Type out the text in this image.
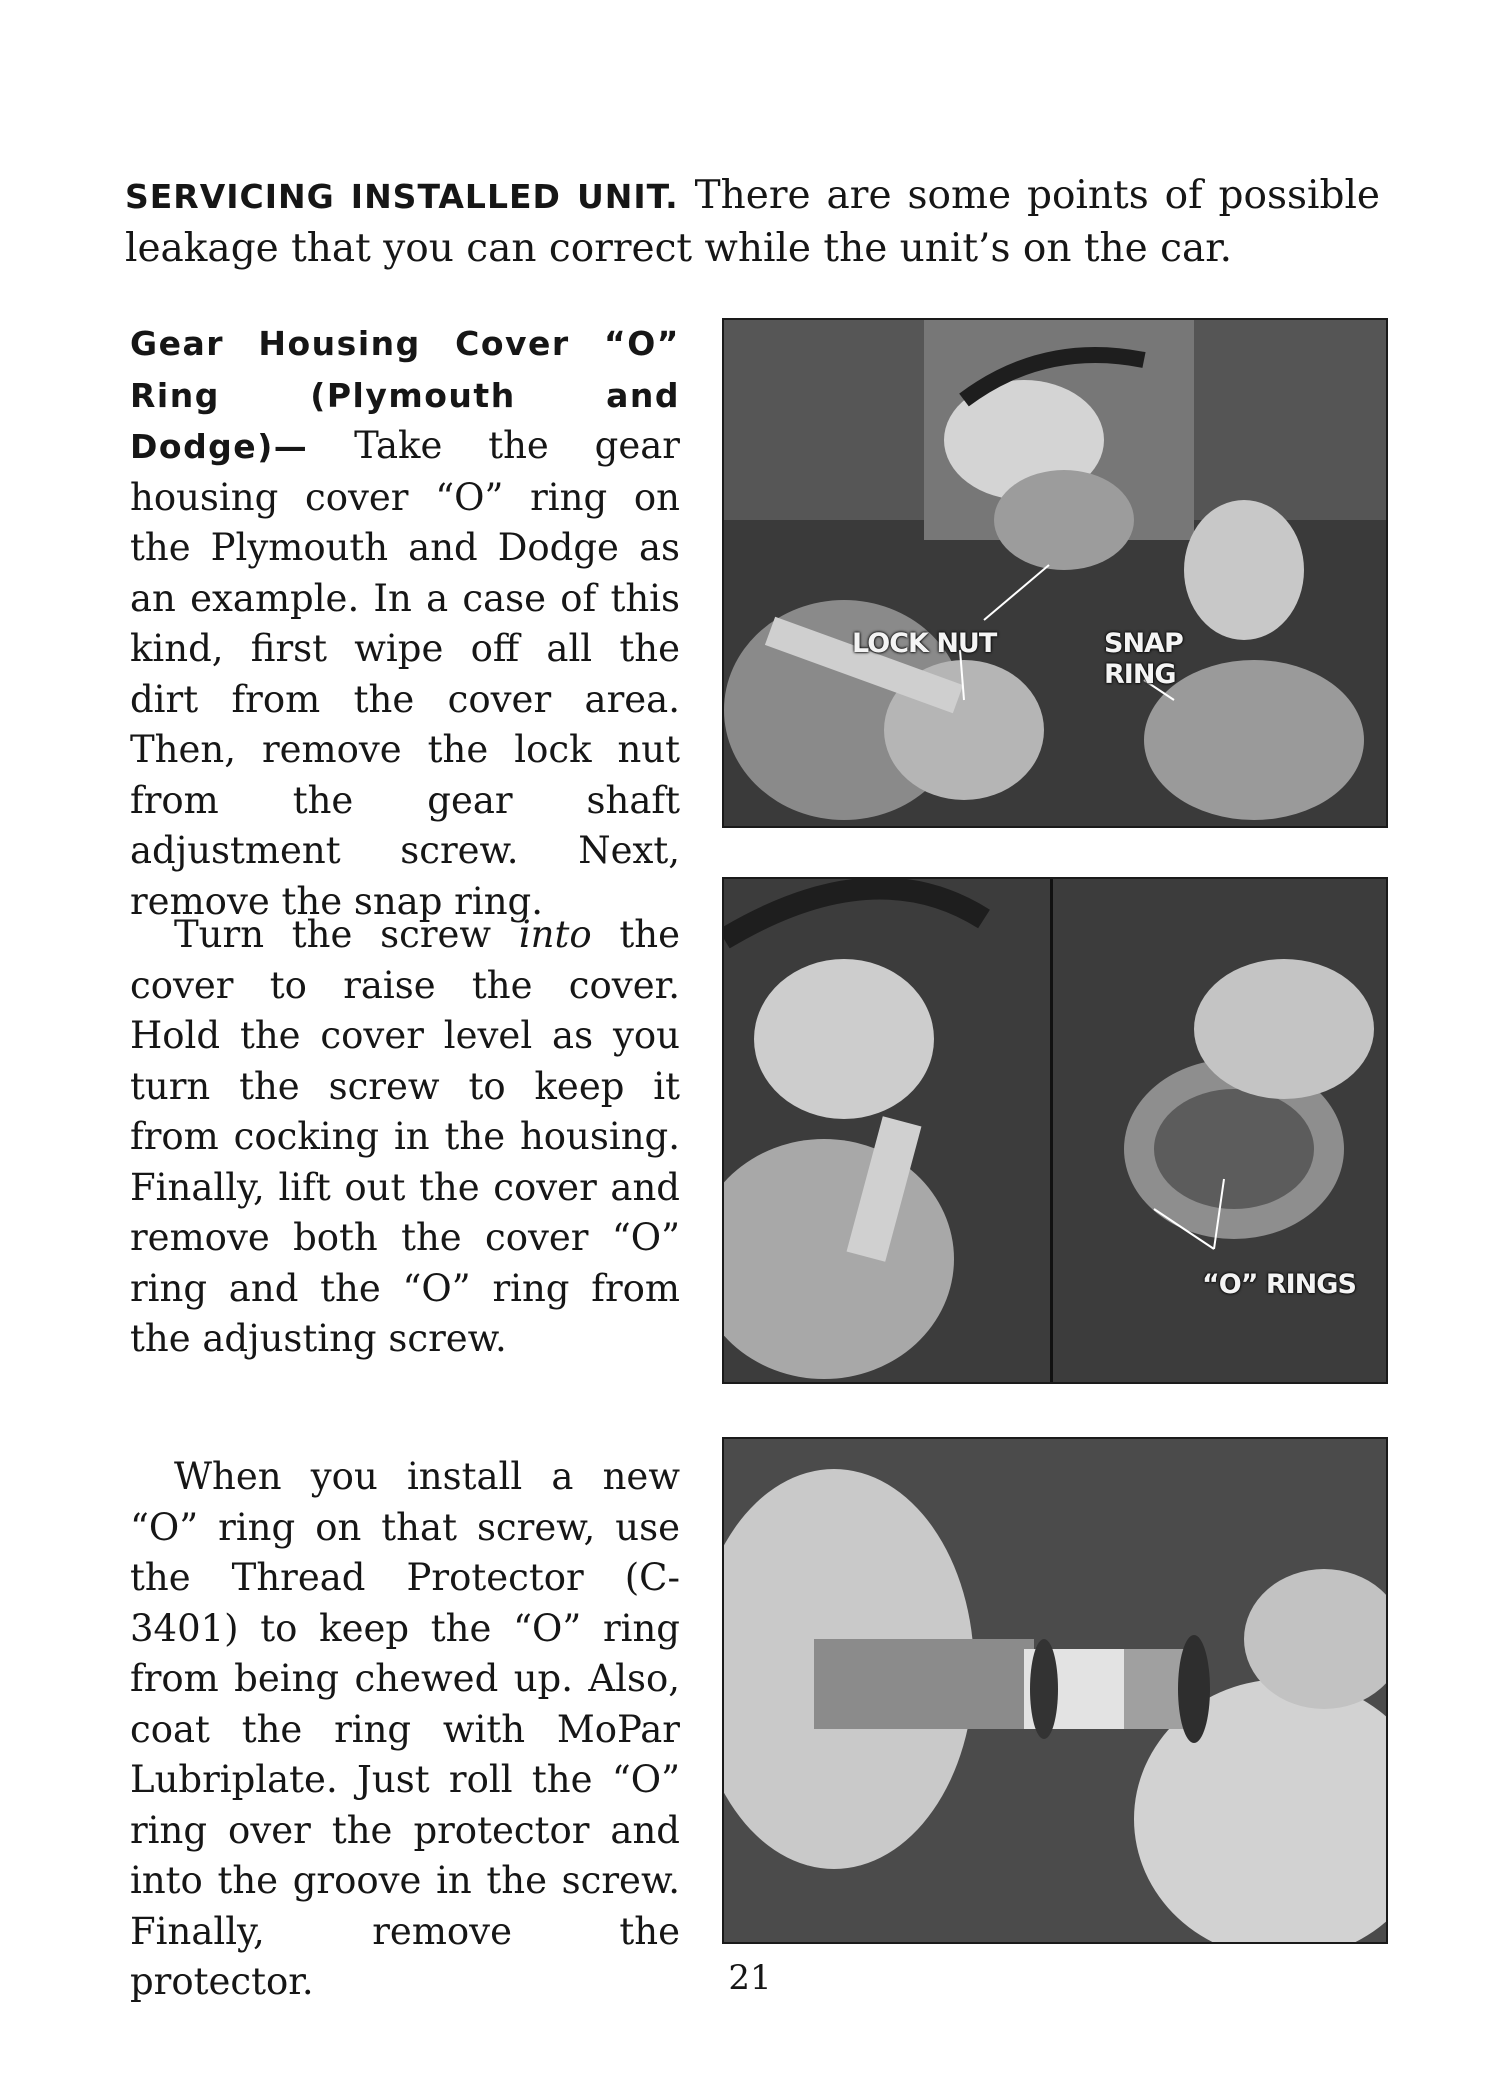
SERVICING INSTALLED UNIT. There are some points of possible leakage that you can correct while the unit’s on the car.
Gear Housing Cover “O” Ring (Plymouth and Dodge)— Take the gear housing cover “O” ring on the Plymouth and Dodge as an example. In a case of this kind, first wipe off all the dirt from the cover area. Then, remove the lock nut from the gear shaft adjustment screw. Next, remove the snap ring.
LOCK NUT	SNAP
RING
Turn the screw into the cover to raise the cover. Hold the cover level as you turn the screw to keep it from cocking in the housing. Finally, lift out the cover and remove both the cover “O” ring and the “O” ring from the adjusting screw.
“O” RINGS
When you install a new “O” ring on that screw, use the Thread Protector (C-3401) to keep the “O” ring from being chewed up. Also, coat the ring with MoPar Lubriplate. Just roll the “O” ring over the protector and into the groove in the screw. Finally, remove the protector.	21
